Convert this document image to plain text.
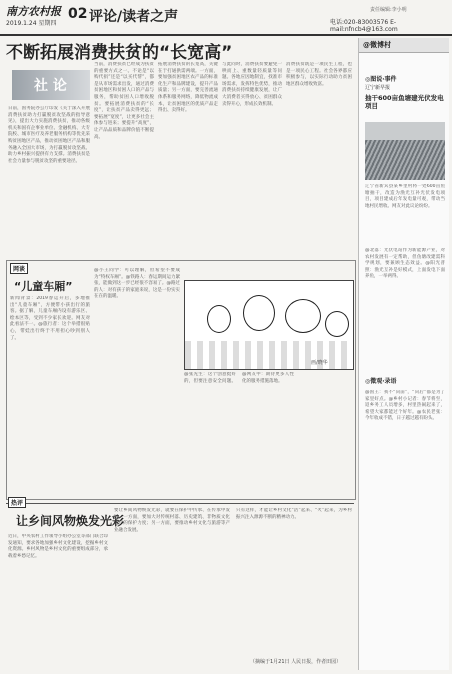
南方农村报
2019.1.24 星期四
02 评论/读者之声	责任编辑:李小明
电话:020-83003576 E-mail:nfncb4@163.com
不断拓展消费扶贫的“长宽高”
社 论

日前，国务院办公厅印发《关于深入开展消费扶贫助力打赢脱贫攻坚战的指导意见》，提出大力实施消费扶贫，推动各级机关和国有企事业单位、金融机构、大专院校、城市医疗及养老服务机构等优先采购贫困地区产品，推动贫困地区产品和服务融入全国大市场，为打赢脱贫攻坚战、助力乡村振兴提供有力支撑。消费扶贫是社会力量参与脱贫攻坚的重要途径。

当前，消费扶贫已经成为扶贫的重要方式之一。不论是“以购代捐”还是“以买代帮”，都是从市场需求出发，通过消费贫困地区和贫困人口的产品与服务，帮助贫困人口增收脱贫。要拓展消费扶贫的“长度”，让扶贫产品卖得更远；要拓展“宽度”，让更多社会主体参与进来；要提升“高度”，让产品品质和品牌价值不断提高。

拓展消费扶贫的长宽高，关键在于打通供需两端。一方面，要加强贫困地区农产品的标准化生产和品牌建设，提升产品质量；另一方面，要完善流通体系和服务网络，降低物流成本，让贫困地区的优质产品走得出、卖得好。

与此同时，消费扶贫要避免一哄而上、重数量轻质量等问题。各地应因地制宜，找准市场需求，发挥特色优势，推动消费扶贫持续健康发展，让广大消费者买得放心、贫困群众卖得开心，形成长效机制。

消费扶贫既是一项民生工程，也是一项民心工程。社会各界都应积极参与，以实际行动助力贫困地区群众增收致富。

网谈
“儿童车厢”

新闻背景：2019春运开启，多地推出“儿童车厢”，方便带小孩出行的旅客。据了解，儿童车厢内设有游乐区、绘本区等，受到不少家长欢迎。网友对此看法不一。@旅行者：这个举措很贴心，带娃出行终于不用担心吵到别人了。

@小王同学：可以理解，但希望不要成为“特权车厢”。@铁路人：春运期间运力紧张，能做到这一步已经很不容易了。@路过的人：对有孩子的家庭来说，这是一份实实在在的温暖。

画/晓华

@张先生：这个创意挺好的，但要注意安全问题。@网友甲：期待更多人性化的服务措施落地。

热评
让乡间风物焕发光彩

近日，中央农村工作领导小组办公室等部门联合印发通知，要求各地加强乡村文化建设，挖掘乡村文化资源。乡村风物是乡村文化的重要组成部分，承载着乡愁记忆。

要让乡间风物焕发光彩，就要在保护中传承、在传承中发展。一方面，要加大对传统村落、历史建筑、非物质文化遗产的保护力度；另一方面，要推动乡村文化与旅游等产业融合发展。

只有这样，才能让乡村文化“活”起来、“火”起来，为乡村振兴注入源源不断的精神动力。

（摘编于1月21日 人民日报，作者田园）
@微博村
◎图说·事件
辽宁新早报
抽干600亩鱼塘建光伏发电项目

辽宁省新宾县某乡里村将一处600亩鱼塘抽干，改造为渔光互补光伏发电项目，项目建成后年发电量可观，带动当地村民增收。网友对此议论纷纷。

@北落：光伏电站作为新能源产业，对农村发展有一定帮助，但鱼塘改建需科学规划，要兼顾生态效益。@阳光普照：渔光互补是好模式，上面发电下面养鱼，一举两得。

◎微观·录语

@国王：我不“向前”，“向后”都是为了家里好点。@乡村小记者：春节将至，返乡务工人员增多，村里热闹起来了，希望大家都能过个好年。@农民老张：今年收成不错，日子越过越有盼头。
